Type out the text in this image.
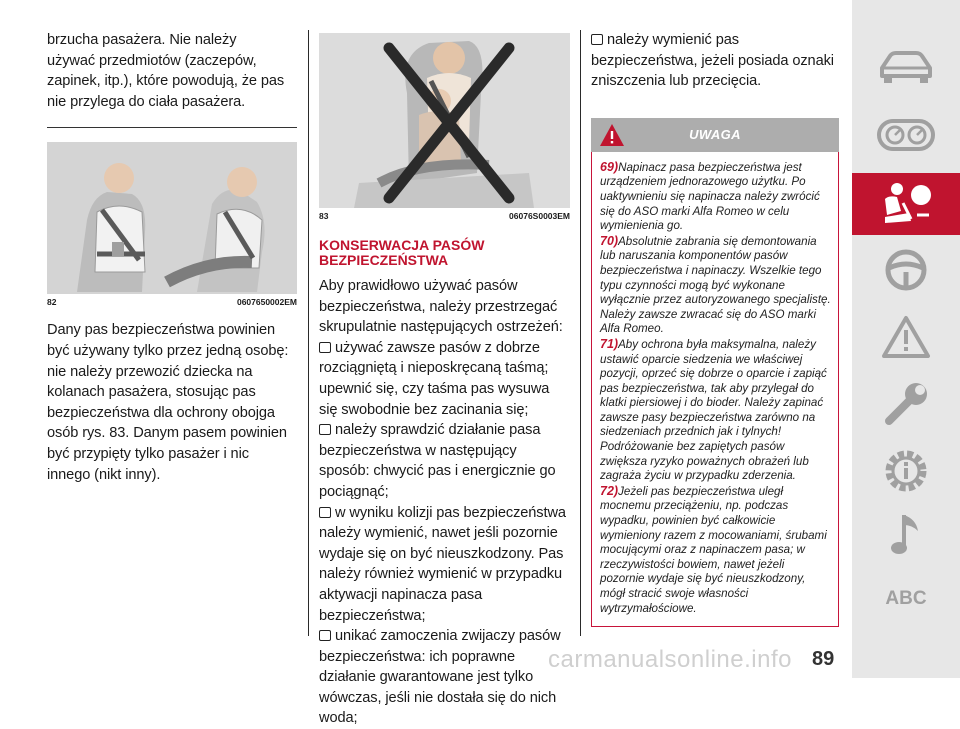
brzucha pasażera. Nie należy używać przedmiotów (zaczepów, zapinek, itp.), które powodują, że pas nie przylega do ciała pasażera.

82	0607650002EM

Dany pas bezpieczeństwa powinien być używany tylko przez jedną osobę: nie należy przewozić dziecka na kolanach pasażera, stosując pas bezpieczeństwa dla ochrony obojga osób rys. 83. Danym pasem powinien być przypięty tylko pasażer i nic innego (nikt inny).

83	06076S0003EM
KONSERWACJA PASÓW BEZPIECZEŃSTWA

Aby prawidłowo używać pasów bezpieczeństwa, należy przestrzegać skrupulatnie następujących ostrzeżeń:

używać zawsze pasów z dobrze rozciągniętą i nieposkręcaną taśmą; upewnić się, czy taśma pas wysuwa się swobodnie bez zacinania się;

należy sprawdzić działanie pasa bezpieczeństwa w następujący sposób: chwycić pas i energicznie go pociągnąć;

w wyniku kolizji pas bezpieczeństwa należy wymienić, nawet jeśli pozornie wydaje się on być nieuszkodzony. Pas należy również wymienić w przypadku aktywacji napinacza pasa bezpieczeństwa;

unikać zamoczenia zwijaczy pasów bezpieczeństwa: ich poprawne działanie gwarantowane jest tylko wówczas, jeśli nie dostała się do nich woda;

należy wymienić pas bezpieczeństwa, jeżeli posiada oznaki zniszczenia lub przecięcia.

UWAGA
69)Napinacz pasa bezpieczeństwa jest urządzeniem jednorazowego użytku. Po uaktywnieniu się napinacza należy zwrócić się do ASO marki Alfa Romeo w celu wymienienia go.
70)Absolutnie zabrania się demontowania lub naruszania komponentów pasów bezpieczeństwa i napinaczy. Wszelkie tego typu czynności mogą być wykonane wyłącznie przez autoryzowanego specjalistę. Należy zawsze zwracać się do ASO marki Alfa Romeo.
71)Aby ochrona była maksymalna, należy ustawić oparcie siedzenia we właściwej pozycji, oprzeć się dobrze o oparcie i zapiąć pas bezpieczeństwa, tak aby przylegał do klatki piersiowej i do bioder. Należy zapinać zawsze pasy bezpieczeństwa zarówno na siedzeniach przednich jak i tylnych! Podróżowanie bez zapiętych pasów zwiększa ryzyko poważnych obrażeń lub zagraża życiu w przypadku zderzenia.
72)Jeżeli pas bezpieczeństwa uległ mocnemu przeciążeniu, np. podczas wypadku, powinien być całkowicie wymieniony razem z mocowaniami, śrubami mocującymi oraz z napinaczem pasa; w rzeczywistości bowiem, nawet jeżeli pozornie wydaje się być nieuszkodzony, mógł stracić swoje własności wytrzymałościowe.	ABC
carmanualsonline.info 89
